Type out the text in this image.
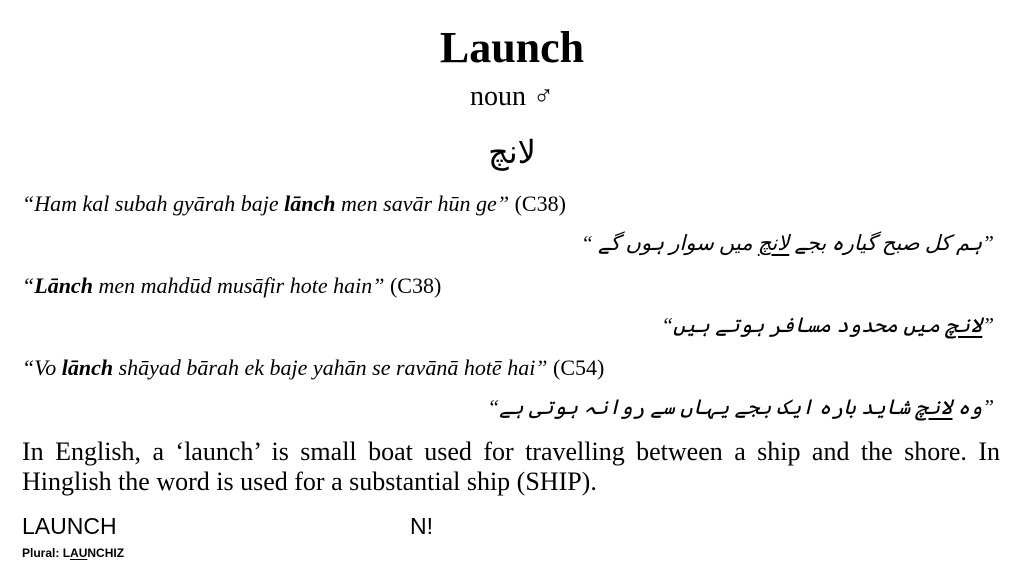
Launch
noun ♂
لانچ
“Ham kal subah gyārah baje lānch men savār hūn ge” (C38)
”ہم کل صبح گیارہ بجے لانچ میں سوار ہوں گے “
“Lānch men mahdūd musāfir hote hain” (C38)
”لانچ میں محدود مسافر ہوتے ہیں“
“Vo lānch shāyad bārah ek baje yahān se ravānā hotē hai” (C54)
”وہ لانچ شاید بارہ ایک بجے یہاں سے روانہ ہوتی ہے“
In English, a ‘launch’ is small boat used for travelling between a ship and the shore. In Hinglish the word is used for a substantial ship (SHIP).
LAUNCH	N!
Plural: LAUNCHIZ
